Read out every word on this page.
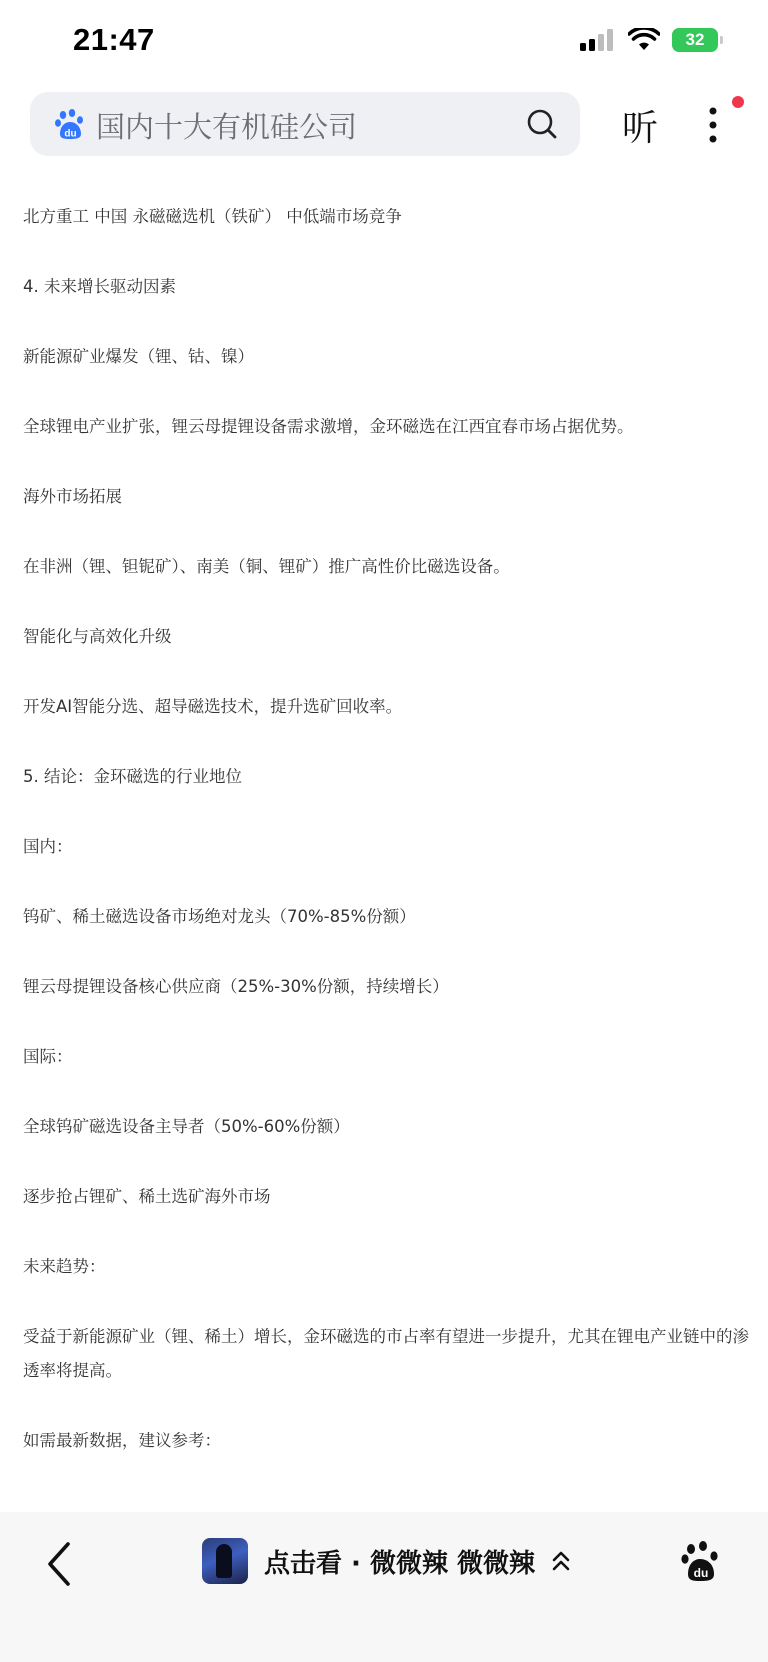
21:47	32
du 国内十大有机硅公司	听

北方重工 中国 永磁磁选机（铁矿） 中低端市场竞争

4. 未来增长驱动因素

新能源矿业爆发（锂、钴、镍）

全球锂电产业扩张，锂云母提锂设备需求激增，金环磁选在江西宜春市场占据优势。

海外市场拓展

在非洲（锂、钽铌矿）、南美（铜、锂矿）推广高性价比磁选设备。

智能化与高效化升级

开发AI智能分选、超导磁选技术，提升选矿回收率。

5. 结论：金环磁选的行业地位

国内：

钨矿、稀土磁选设备市场绝对龙头（70%-85%份额）

锂云母提锂设备核心供应商（25%-30%份额，持续增长）

国际：

全球钨矿磁选设备主导者（50%-60%份额）

逐步抢占锂矿、稀土选矿海外市场

未来趋势：

受益于新能源矿业（锂、稀土）增长，金环磁选的市占率有望进一步提升，尤其在锂电产业链中的渗透率将提高。

如需最新数据，建议参考：

点击看 · 微微辣 微微辣	du
